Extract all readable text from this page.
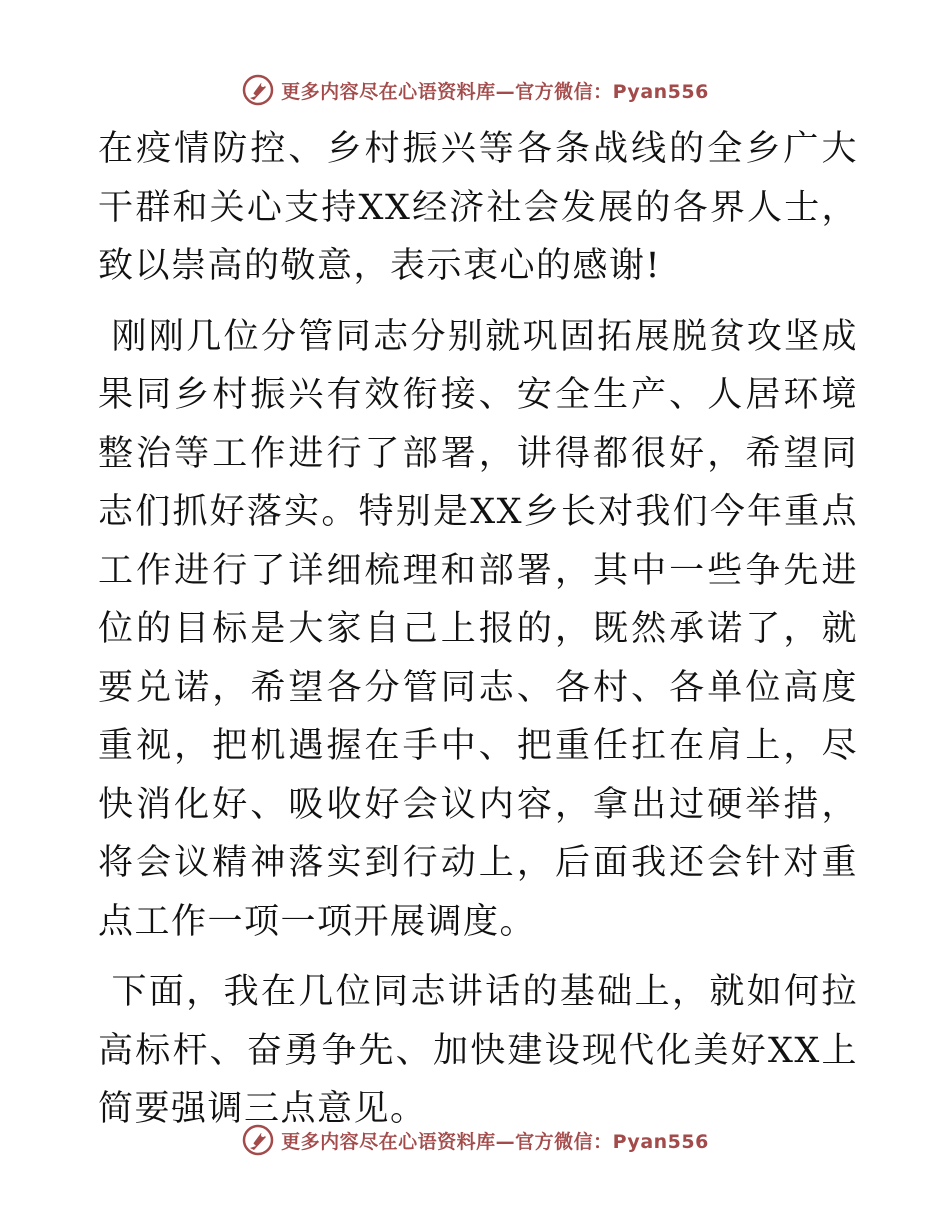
更多内容尽在心语资料库—官方微信：Pyan556

在疫情防控、乡村振兴等各条战线的全乡广大干群和关心支持XX经济社会发展的各界人士，致以崇高的敬意，表示衷心的感谢!

刚刚几位分管同志分别就巩固拓展脱贫攻坚成果同乡村振兴有效衔接、安全生产、人居环境整治等工作进行了部署，讲得都很好，希望同志们抓好落实。特别是XX乡长对我们今年重点工作进行了详细梳理和部署，其中一些争先进位的目标是大家自己上报的，既然承诺了，就要兑诺，希望各分管同志、各村、各单位高度重视，把机遇握在手中、把重任扛在肩上，尽快消化好、吸收好会议内容，拿出过硬举措，将会议精神落实到行动上，后面我还会针对重点工作一项一项开展调度。

下面，我在几位同志讲话的基础上，就如何拉高标杆、奋勇争先、加快建设现代化美好XX上简要强调三点意见。

更多内容尽在心语资料库—官方微信：Pyan556
